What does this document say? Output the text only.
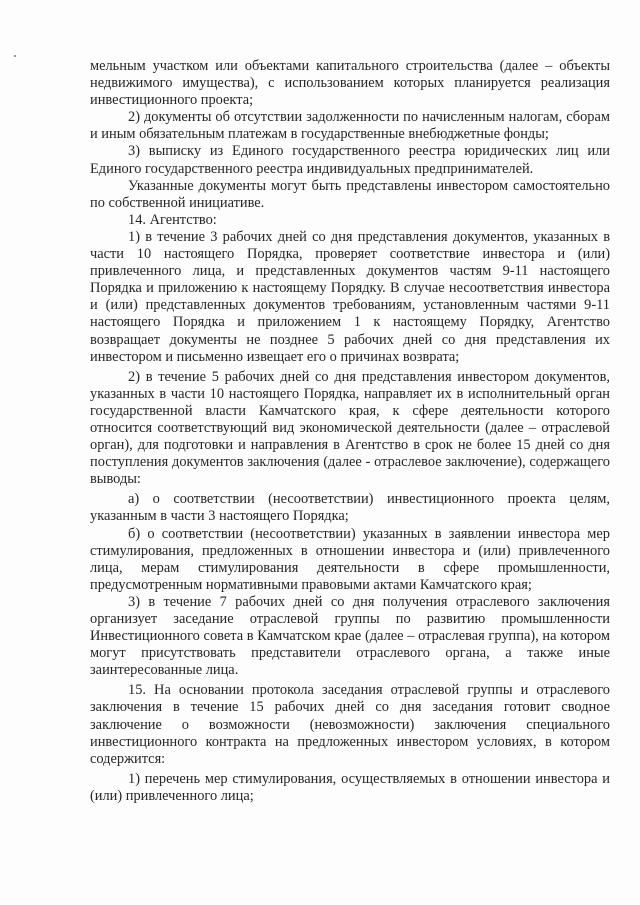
мельным участком или объектами капитального строительства (далее – объекты недвижимого имущества), с использованием которых планируется реализация инвестиционного проекта;

2) документы об отсутствии задолженности по начисленным налогам, сборам и иным обязательным платежам в государственные внебюджетные фонды;

3) выписку из Единого государственного реестра юридических лиц или Единого государственного реестра индивидуальных предпринимателей.

Указанные документы могут быть представлены инвестором самостоятельно по собственной инициативе.

14. Агентство:

1) в течение 3 рабочих дней со дня представления документов, указанных в части 10 настоящего Порядка, проверяет соответствие инвестора и (или) привлеченного лица, и представленных документов частям 9-11 настоящего Порядка и приложению к настоящему Порядку. В случае несоответствия инвестора и (или) представленных документов требованиям, установленным частями 9-11 настоящего Порядка и приложением 1 к настоящему Порядку, Агентство возвращает документы не позднее 5 рабочих дней со дня представления их инвестором и письменно извещает его о причинах возврата;

2) в течение 5 рабочих дней со дня представления инвестором документов, указанных в части 10 настоящего Порядка, направляет их в исполнительный орган государственной власти Камчатского края, к сфере деятельности которого относится соответствующий вид экономической деятельности (далее – отраслевой орган), для подготовки и направления в Агентство в срок не более 15 дней со дня поступления документов заключения (далее - отраслевое заключение), содержащего выводы:

а) о соответствии (несоответствии) инвестиционного проекта целям, указанным в части 3 настоящего Порядка;

б) о соответствии (несоответствии) указанных в заявлении инвестора мер стимулирования, предложенных в отношении инвестора и (или) привлеченного лица, мерам стимулирования деятельности в сфере промышленности, предусмотренным нормативными правовыми актами Камчатского края;

3) в течение 7 рабочих дней со дня получения отраслевого заключения организует заседание отраслевой группы по развитию промышленности Инвестиционного совета в Камчатском крае (далее – отраслевая группа), на котором могут присутствовать представители отраслевого органа, а также иные заинтересованные лица.

15. На основании протокола заседания отраслевой группы и отраслевого заключения в течение 15 рабочих дней со дня заседания готовит сводное заключение о возможности (невозможности) заключения специального инвестиционного контракта на предложенных инвестором условиях, в котором содержится:

1) перечень мер стимулирования, осуществляемых в отношении инвестора и (или) привлеченного лица;
